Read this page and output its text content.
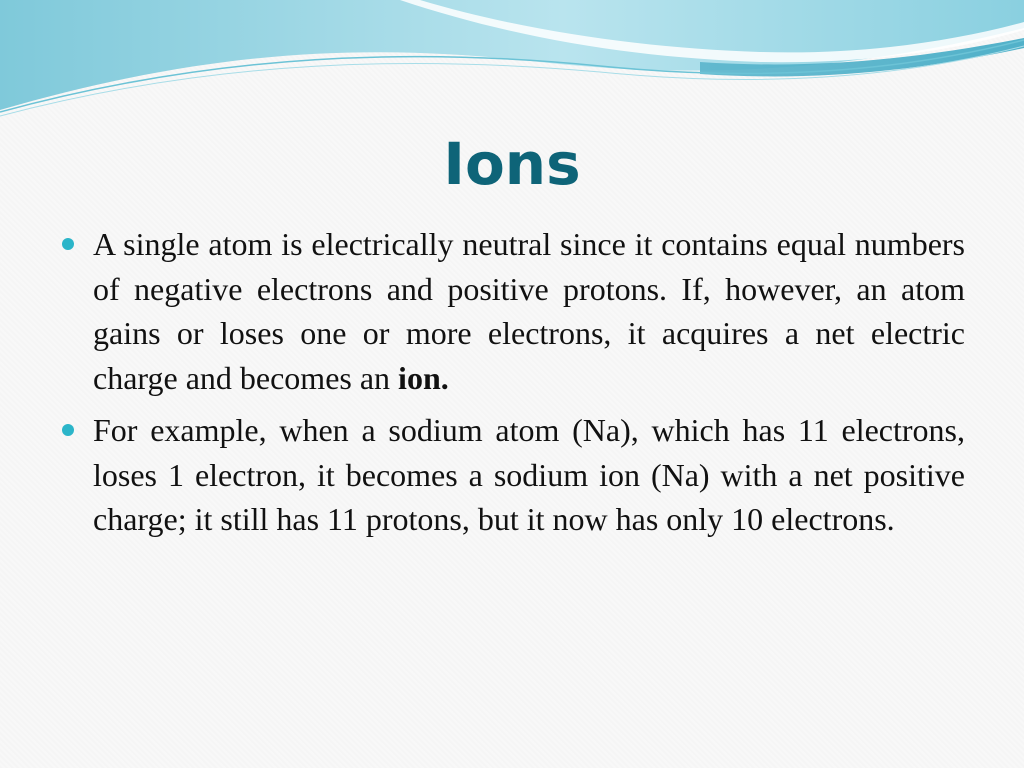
Ions
A single atom is electrically neutral since it contains equal numbers of negative electrons and positive protons. If, however, an atom gains or loses one or more electrons, it acquires a net electric charge and becomes an ion.
For example, when a sodium atom (Na), which has 11 electrons, loses 1 electron, it becomes a sodium ion (Na) with a net positive charge; it still has 11 protons, but it now has only 10 electrons.
